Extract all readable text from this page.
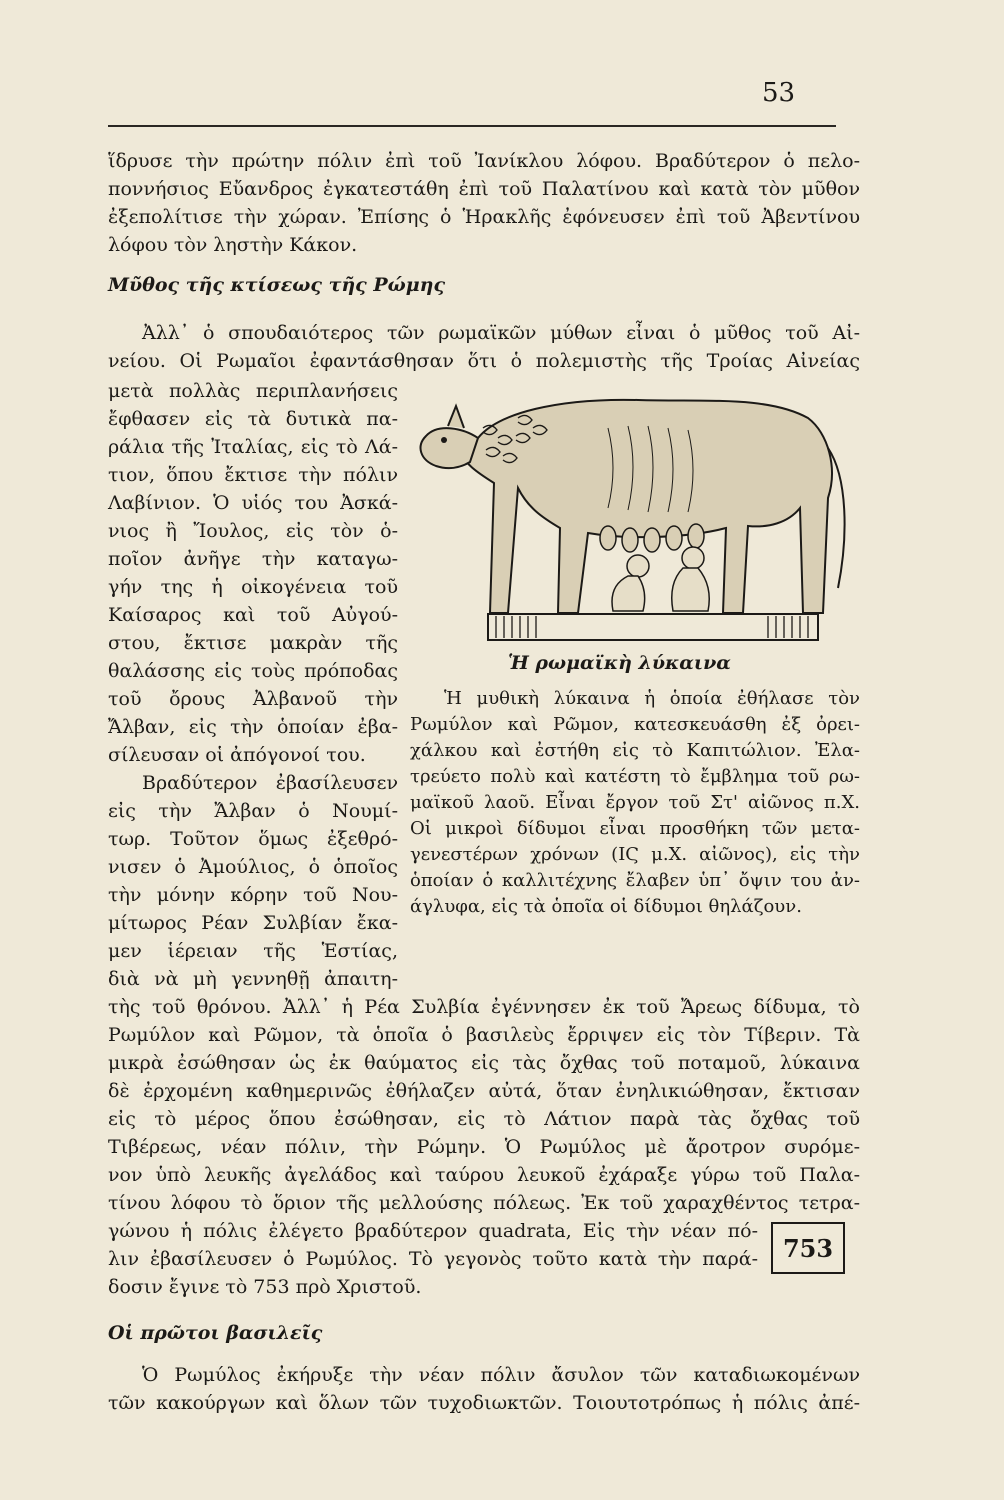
53
ἵδρυσε τὴν πρώτην πόλιν ἐπὶ τοῦ Ἰανίκλου λόφου. Βραδύτερον ὁ πελο-
ποννήσιος Εὔανδρος ἐγκατεστάθη ἐπὶ τοῦ Παλατίνου καὶ κατὰ τὸν μῦθον
ἐξεπολίτισε τὴν χώραν. Ἐπίσης ὁ Ἡρακλῆς ἐφόνευσεν ἐπὶ τοῦ Ἀβεντίνου
λόφου τὸν ληστὴν Κάκον.
Μῦθος τῆς κτίσεως τῆς Ρώμης
Ἀλλ᾿ ὁ σπουδαιότερος τῶν ρωμαϊκῶν μύθων εἶναι ὁ μῦθος τοῦ Αἰ-
νείου. Οἱ Ρωμαῖοι ἐφαντάσθησαν ὅτι ὁ πολεμιστὴς τῆς Τροίας Αἰνείας
μετὰ πολλὰς περιπλανήσεις
ἔφθασεν εἰς τὰ δυτικὰ πα-
ράλια τῆς Ἰταλίας, εἰς τὸ Λά-
τιον, ὅπου ἔκτισε τὴν πόλιν
Λαβίνιον. Ὁ υἱός του Ἀσκά-
νιος ἢ Ἴουλος, εἰς τὸν ὁ-
ποῖον ἀνῆγε τὴν καταγω-
γήν της ἡ οἰκογένεια τοῦ
Καίσαρος καὶ τοῦ Αὐγού-
στου, ἔκτισε μακρὰν τῆς
θαλάσσης εἰς τοὺς πρόποδας
τοῦ ὄρους Ἀλβανοῦ τὴν
Ἄλβαν, εἰς τὴν ὁποίαν ἐβα-
σίλευσαν οἱ ἀπόγονοί του.
Βραδύτερον ἐβασίλευσεν
εἰς τὴν Ἄλβαν ὁ Νουμί-
τωρ. Τοῦτον ὅμως ἐξεθρό-
νισεν ὁ Ἀμούλιος, ὁ ὁποῖος
τὴν μόνην κόρην τοῦ Νου-
μίτωρος Ρέαν Συλβίαν ἔκα-
μεν ἱέρειαν τῆς Ἑστίας,
διὰ νὰ μὴ γεννηθῇ ἀπαιτη-
Ἡ ρωμαϊκὴ λύκαινα
Ἡ μυθικὴ λύκαινα ἡ ὁποία ἐθήλασε τὸν
Ρωμύλον καὶ Ρῶμον, κατεσκευάσθη ἐξ ὀρει-
χάλκου καὶ ἐστήθη εἰς τὸ Καπιτώλιον. Ἐλα-
τρεύετο πολὺ καὶ κατέστη τὸ ἔμβλημα τοῦ ρω-
μαϊκοῦ λαοῦ. Εἶναι ἔργον τοῦ Στ' αἰῶνος π.Χ.
Οἱ μικροὶ δίδυμοι εἶναι προσθήκη τῶν μετα-
γενεστέρων χρόνων (ΙϚ μ.Χ. αἰῶνος), εἰς τὴν
ὁποίαν ὁ καλλιτέχνης ἔλαβεν ὑπ᾿ ὄψιν του ἀν-
άγλυφα, εἰς τὰ ὁποῖα οἱ δίδυμοι θηλάζουν.
τὴς τοῦ θρόνου. Ἀλλ᾿ ἡ Ρέα Συλβία ἐγέννησεν ἐκ τοῦ Ἄρεως δίδυμα, τὸ
Ρωμύλον καὶ Ρῶμον, τὰ ὁποῖα ὁ βασιλεὺς ἔρριψεν εἰς τὸν Τίβεριν. Τὰ
μικρὰ ἐσώθησαν ὡς ἐκ θαύματος εἰς τὰς ὄχθας τοῦ ποταμοῦ, λύκαινα
δὲ ἐρχομένη καθημερινῶς ἐθήλαζεν αὐτά, ὅταν ἐνηλικιώθησαν, ἔκτισαν
εἰς τὸ μέρος ὅπου ἐσώθησαν, εἰς τὸ Λάτιον παρὰ τὰς ὄχθας τοῦ
Τιβέρεως, νέαν πόλιν, τὴν Ρώμην. Ὁ Ρωμύλος μὲ ἄροτρον συρόμε-
νον ὑπὸ λευκῆς ἀγελάδος καὶ ταύρου λευκοῦ ἐχάραξε γύρω τοῦ Παλα-
τίνου λόφου τὸ ὅριον τῆς μελλούσης πόλεως. Ἐκ τοῦ χαραχθέντος τετρα-
γώνου ἡ πόλις ἐλέγετο βραδύτερον quadrata, Εἰς τὴν νέαν πό-
λιν ἐβασίλευσεν ὁ Ρωμύλος. Τὸ γεγονὸς τοῦτο κατὰ τὴν παρά-
δοσιν ἔγινε τὸ 753 πρὸ Χριστοῦ.
753
Οἱ πρῶτοι βασιλεῖς
Ὁ Ρωμύλος ἐκήρυξε τὴν νέαν πόλιν ἄσυλον τῶν καταδιωκομένων
τῶν κακούργων καὶ ὅλων τῶν τυχοδιωκτῶν. Τοιουτοτρόπως ἡ πόλις ἀπέ-
